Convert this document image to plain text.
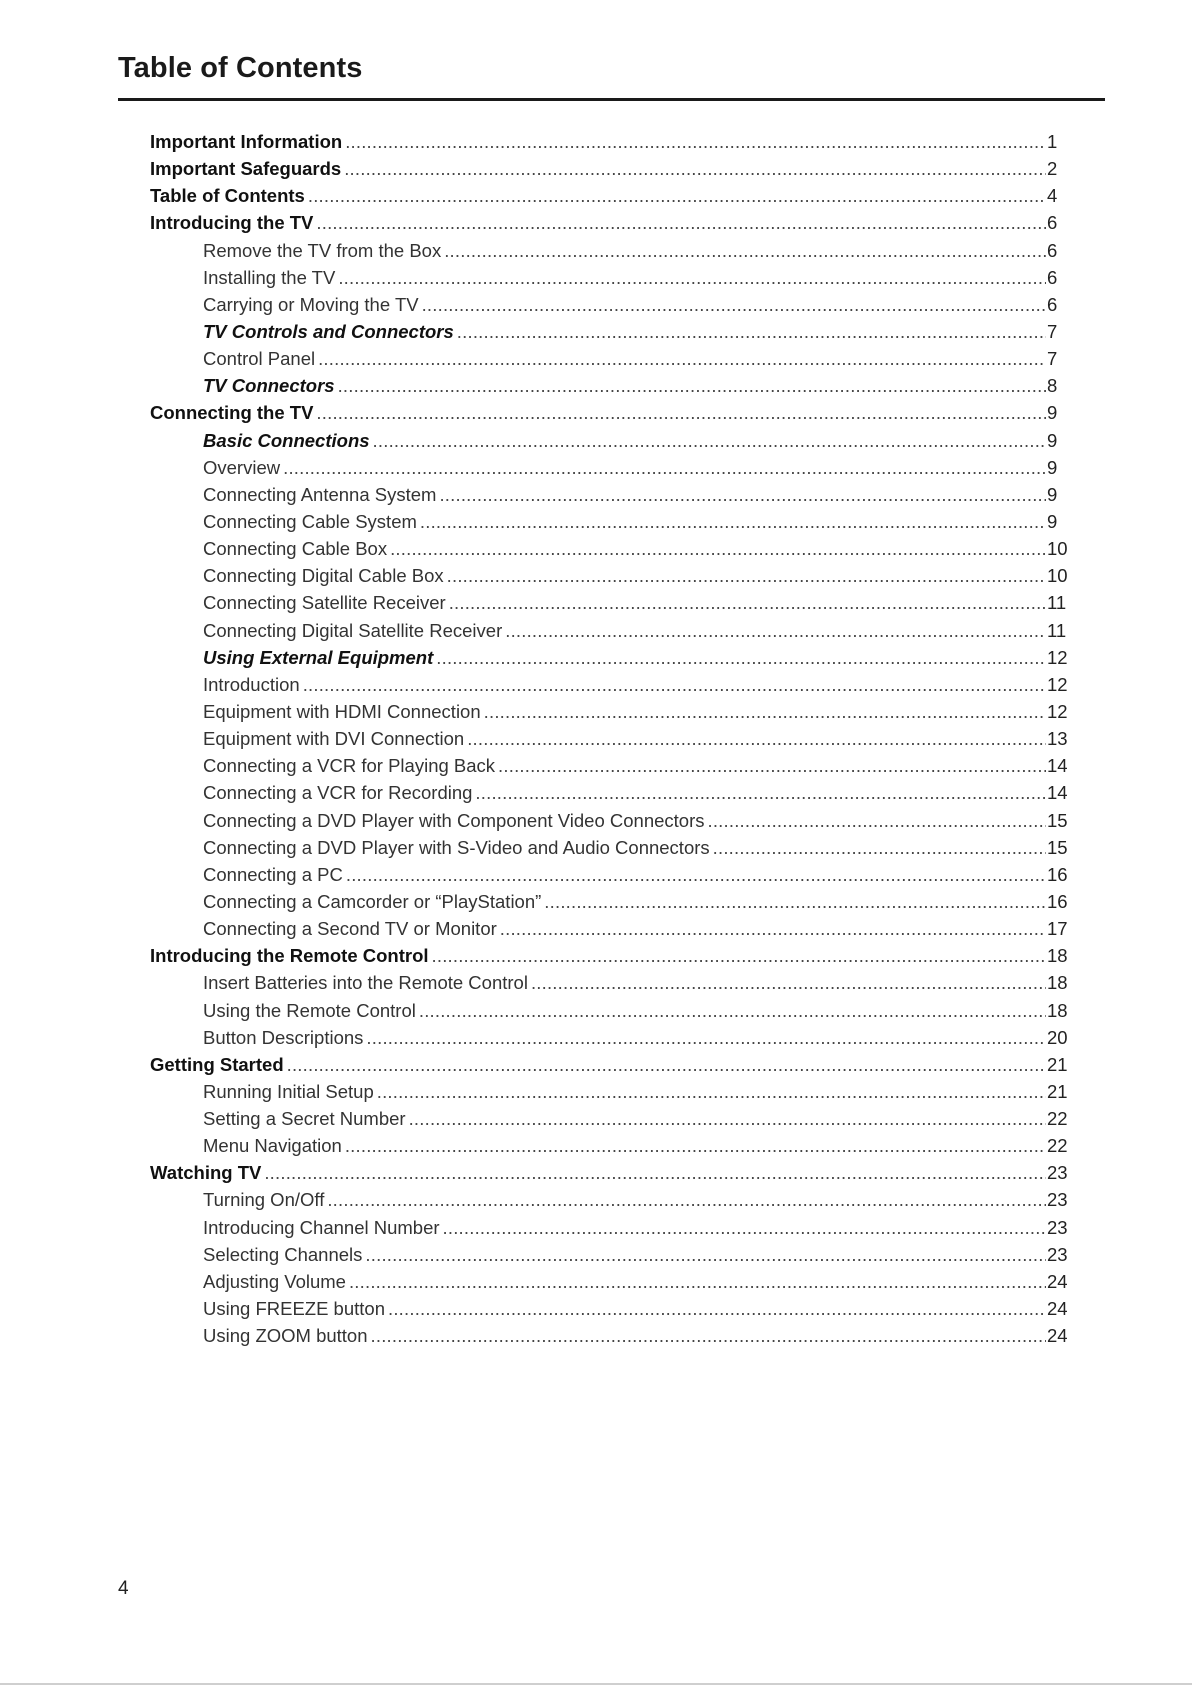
Table of Contents
Important Information .....	1
Important Safeguards .....	2
Table of Contents .....	4
Introducing the TV .....	6
Remove the TV from the Box .....	6
Installing the TV .....	6
Carrying or Moving the TV .....	6
TV Controls and Connectors .....	7
Control Panel .....	7
TV Connectors .....	8
Connecting the TV .....	9
Basic Connections .....	9
Overview .....	9
Connecting Antenna System .....	9
Connecting Cable System .....	9
Connecting Cable Box .....	10
Connecting Digital Cable Box .....	10
Connecting Satellite Receiver .....	11
Connecting Digital Satellite Receiver .....	11
Using External Equipment .....	12
Introduction .....	12
Equipment with HDMI Connection .....	12
Equipment with DVI Connection .....	13
Connecting a VCR for Playing Back .....	14
Connecting a VCR for Recording .....	14
Connecting a DVD Player with Component Video Connectors .....	15
Connecting a DVD Player with S-Video and Audio Connectors .....	15
Connecting a PC .....	16
Connecting a Camcorder or “PlayStation” .....	16
Connecting a Second TV or Monitor .....	17
Introducing the Remote Control .....	18
Insert Batteries into the Remote Control .....	18
Using the Remote Control .....	18
Button Descriptions .....	20
Getting Started .....	21
Running Initial Setup .....	21
Setting a Secret Number .....	22
Menu Navigation .....	22
Watching TV .....	23
Turning On/Off .....	23
Introducing Channel Number .....	23
Selecting Channels .....	23
Adjusting Volume .....	24
Using FREEZE button .....	24
Using ZOOM button .....	24
4
